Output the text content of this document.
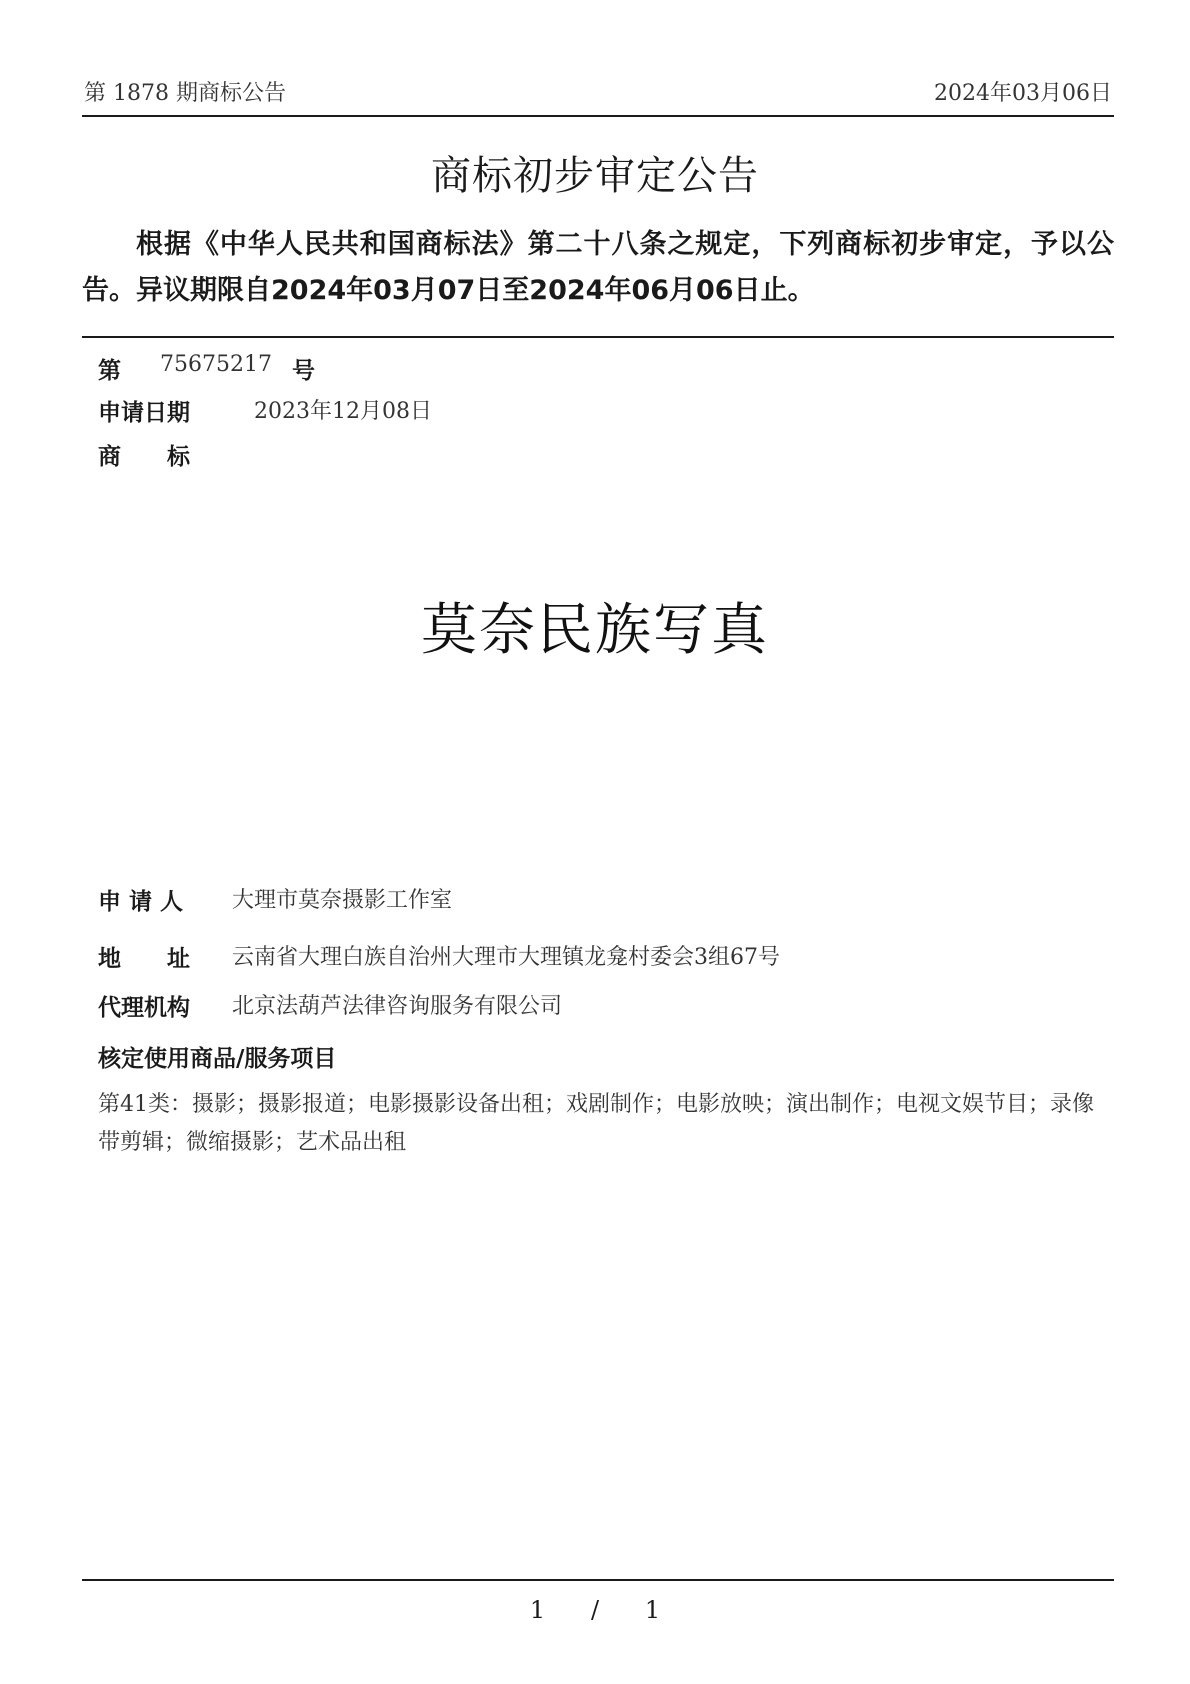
第 1878 期商标公告	2024年03月06日
商标初步审定公告
根据《中华人民共和国商标法》第二十八条之规定，下列商标初步审定，予以公告。异议期限自2024年03月07日至2024年06月06日止。
第 75675217 号
申请日期	2023年12月08日
商　　标
莫奈民族写真
申 请 人 大理市莫奈摄影工作室
地　　址 云南省大理白族自治州大理市大理镇龙龛村委会3组67号
代理机构 北京法葫芦法律咨询服务有限公司
核定使用商品/服务项目
第41类：摄影；摄影报道；电影摄影设备出租；戏剧制作；电影放映；演出制作；电视文娱节目；录像带剪辑；微缩摄影；艺术品出租
1 / 1
